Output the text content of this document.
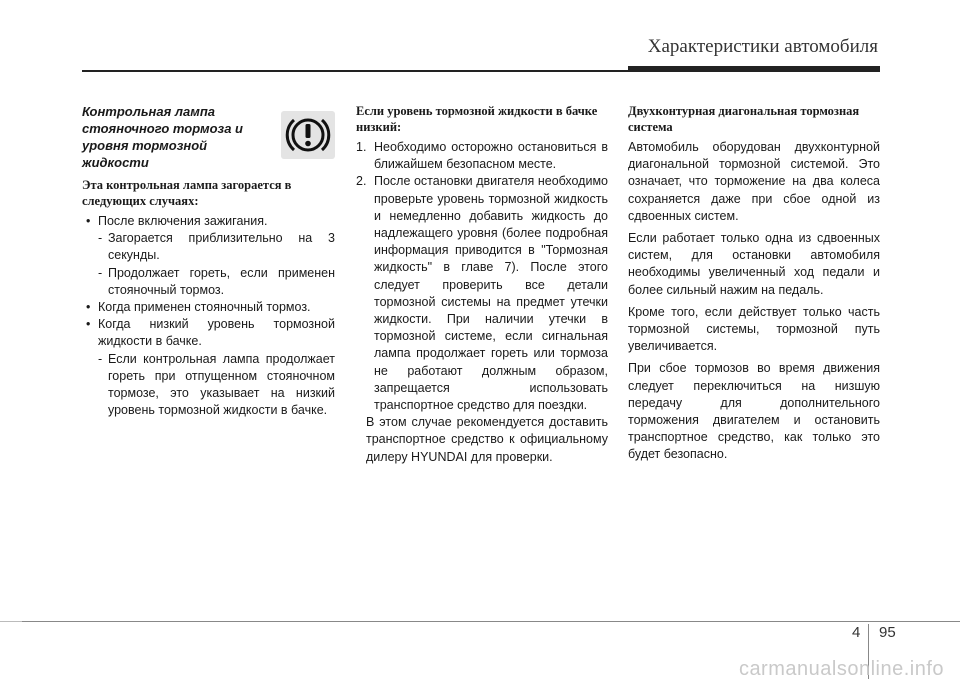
Характеристики автомобиля
Контрольная лампа стояночного тормоза и уровня тормозной жидкости

Эта контрольная лампа загорается в следующих случаях:

• После включения зажигания.
- Загорается приблизительно на 3 секунды.
- Продолжает гореть, если применен стояночный тормоз.
• Когда применен стояночный тормоз.
• Когда низкий уровень тормозной жидкости в бачке.
- Если контрольная лампа продолжает гореть при отпущенном стояночном тормозе, это указывает на низкий уровень тормозной жидкости в бачке.

Если уровень тормозной жидкости в бачке низкий:

1. Необходимо осторожно остановиться в ближайшем безопасном месте.
2. После остановки двигателя необходимо проверьте уровень тормозной жидкость и немедленно добавить жидкость до надлежащего уровня (более подробная информация приводится в "Тормозная жидкость" в главе 7). После этого следует проверить все детали тормозной системы на предмет утечки жидкости. При наличии утечки в тормозной системе, если сигнальная лампа продолжает гореть или тормоза не работают должным образом, запрещается использовать транспортное средство для поездки.

В этом случае рекомендуется доставить транспортное средство к официальному дилеру HYUNDAI для проверки.

Двухконтурная диагональная тормозная система

Автомобиль оборудован двухконтурной диагональной тормозной системой. Это означает, что торможение на два колеса сохраняется даже при сбое одной из сдвоенных систем.

Если работает только одна из сдвоенных систем, для остановки автомобиля необходимы увеличенный ход педали и более сильный нажим на педаль.

Кроме того, если действует только часть тормозной системы, тормозной путь увеличивается.

При сбое тормозов во время движения следует переключиться на низшую передачу для дополнительного торможения двигателем и остановить транспортное средство, как только это будет безопасно.

4 95
carmanualsonline.info
